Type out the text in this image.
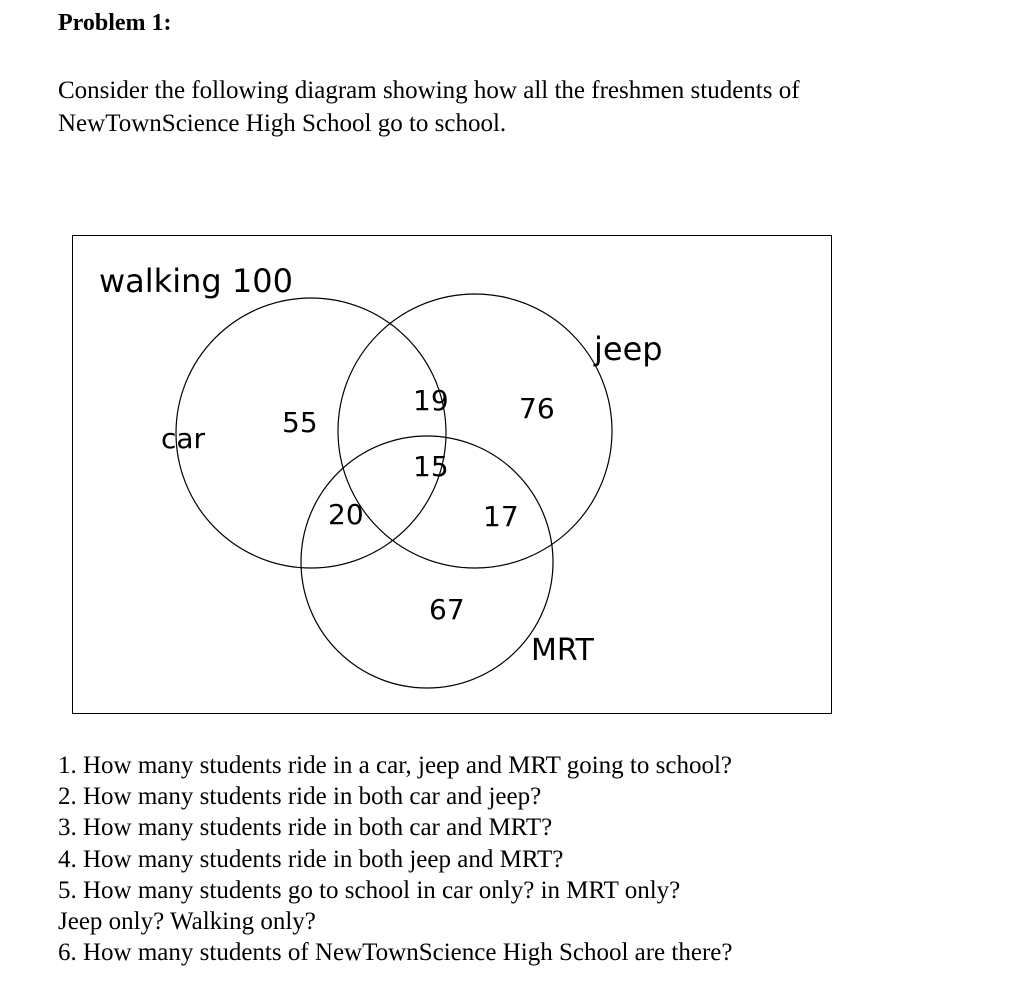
Problem 1:
Consider the following diagram showing how all the freshmen students of NewTownScience High School go to school.
walking 100
car
jeep
MRT
55
19	76
15
20	17
67
1. How many students ride in a car, jeep and MRT going to school?
2. How many students ride in both car and jeep?
3. How many students ride in both car and MRT?
4. How many students ride in both jeep and MRT?
5. How many students go to school in car only? in MRT only?
Jeep only? Walking only?
6. How many students of NewTownScience High School are there?
